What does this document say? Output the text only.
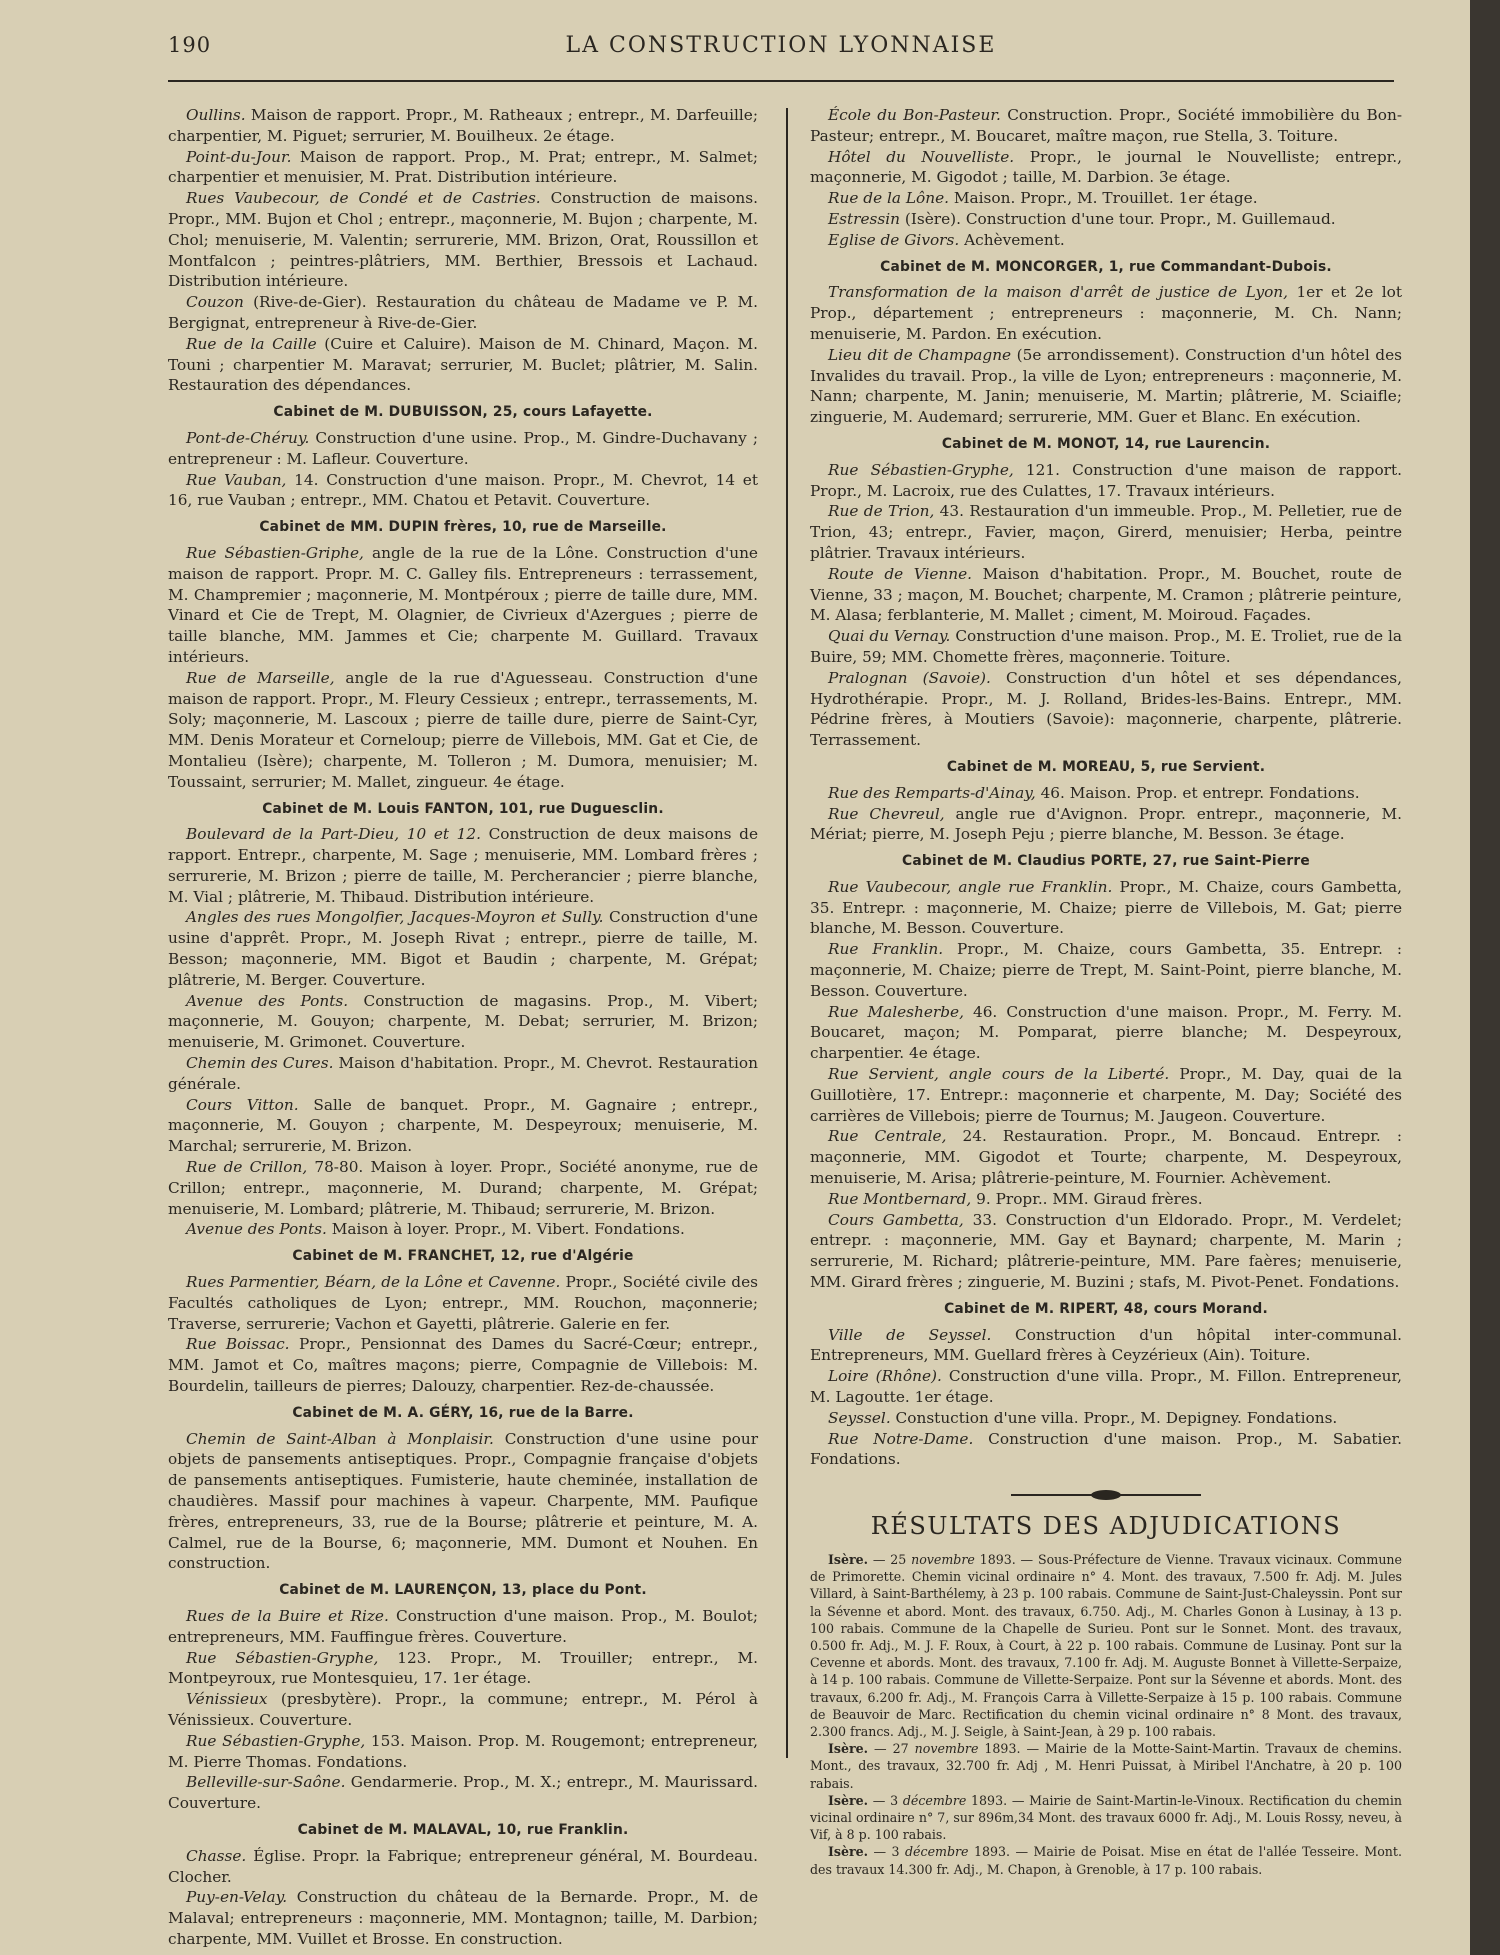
190	LA CONSTRUCTION LYONNAISE

Oullins. Maison de rapport. Propr., M. Ratheaux ; entrepr., M. Darfeuille; charpentier, M. Piguet; serrurier, M. Bouilheux. 2e étage.

Point-du-Jour. Maison de rapport. Prop., M. Prat; entrepr., M. Salmet; charpentier et menuisier, M. Prat. Distribution intérieure.

Rues Vaubecour, de Condé et de Castries. Construction de maisons. Propr., MM. Bujon et Chol ; entrepr., maçonnerie, M. Bujon ; charpente, M. Chol; menuiserie, M. Valentin; serrurerie, MM. Brizon, Orat, Roussillon et Montfalcon ; peintres-plâtriers, MM. Berthier, Bressois et Lachaud. Distribution intérieure.

Couzon (Rive-de-Gier). Restauration du château de Madame ve P. M. Bergignat, entrepreneur à Rive-de-Gier.

Rue de la Caille (Cuire et Caluire). Maison de M. Chinard, Maçon. M. Touni ; charpentier M. Maravat; serrurier, M. Buclet; plâtrier, M. Salin. Restauration des dépendances.

Cabinet de M. DUBUISSON, 25, cours Lafayette.

Pont-de-Chéruy. Construction d'une usine. Prop., M. Gindre-Duchavany ; entrepreneur : M. Lafleur. Couverture.

Rue Vauban, 14. Construction d'une maison. Propr., M. Chevrot, 14 et 16, rue Vauban ; entrepr., MM. Chatou et Petavit. Couverture.

Cabinet de MM. DUPIN frères, 10, rue de Marseille.

Rue Sébastien-Griphe, angle de la rue de la Lône. Construction d'une maison de rapport. Propr. M. C. Galley fils. Entrepreneurs : terrassement, M. Champremier ; maçonnerie, M. Montpéroux ; pierre de taille dure, MM. Vinard et Cie de Trept, M. Olagnier, de Civrieux d'Azergues ; pierre de taille blanche, MM. Jammes et Cie; charpente M. Guillard. Travaux intérieurs.

Rue de Marseille, angle de la rue d'Aguesseau. Construction d'une maison de rapport. Propr., M. Fleury Cessieux ; entrepr., terrassements, M. Soly; maçonnerie, M. Lascoux ; pierre de taille dure, pierre de Saint-Cyr, MM. Denis Morateur et Corneloup; pierre de Villebois, MM. Gat et Cie, de Montalieu (Isère); charpente, M. Tolleron ; M. Dumora, menuisier; M. Toussaint, serrurier; M. Mallet, zingueur. 4e étage.

Cabinet de M. Louis FANTON, 101, rue Duguesclin.

Boulevard de la Part-Dieu, 10 et 12. Construction de deux maisons de rapport. Entrepr., charpente, M. Sage ; menuiserie, MM. Lombard frères ; serrurerie, M. Brizon ; pierre de taille, M. Percherancier ; pierre blanche, M. Vial ; plâtrerie, M. Thibaud. Distribution intérieure.

Angles des rues Mongolfier, Jacques-Moyron et Sully. Construction d'une usine d'apprêt. Propr., M. Joseph Rivat ; entrepr., pierre de taille, M. Besson; maçonnerie, MM. Bigot et Baudin ; charpente, M. Grépat; plâtrerie, M. Berger. Couverture.

Avenue des Ponts. Construction de magasins. Prop., M. Vibert; maçonnerie, M. Gouyon; charpente, M. Debat; serrurier, M. Brizon; menuiserie, M. Grimonet. Couverture.

Chemin des Cures. Maison d'habitation. Propr., M. Chevrot. Restauration générale.

Cours Vitton. Salle de banquet. Propr., M. Gagnaire ; entrepr., maçonnerie, M. Gouyon ; charpente, M. Despeyroux; menuiserie, M. Marchal; serrurerie, M. Brizon.

Rue de Crillon, 78-80. Maison à loyer. Propr., Société anonyme, rue de Crillon; entrepr., maçonnerie, M. Durand; charpente, M. Grépat; menuiserie, M. Lombard; plâtrerie, M. Thibaud; serrurerie, M. Brizon.

Avenue des Ponts. Maison à loyer. Propr., M. Vibert. Fondations.

Cabinet de M. FRANCHET, 12, rue d'Algérie

Rues Parmentier, Béarn, de la Lône et Cavenne. Propr., Société civile des Facultés catholiques de Lyon; entrepr., MM. Rouchon, maçonnerie; Traverse, serrurerie; Vachon et Gayetti, plâtrerie. Galerie en fer.

Rue Boissac. Propr., Pensionnat des Dames du Sacré-Cœur; entrepr., MM. Jamot et Co, maîtres maçons; pierre, Compagnie de Villebois: M. Bourdelin, tailleurs de pierres; Dalouzy, charpentier. Rez-de-chaussée.

Cabinet de M. A. GÉRY, 16, rue de la Barre.

Chemin de Saint-Alban à Monplaisir. Construction d'une usine pour objets de pansements antiseptiques. Propr., Compagnie française d'objets de pansements antiseptiques. Fumisterie, haute cheminée, installation de chaudières. Massif pour machines à vapeur. Charpente, MM. Paufique frères, entrepreneurs, 33, rue de la Bourse; plâtrerie et peinture, M. A. Calmel, rue de la Bourse, 6; maçonnerie, MM. Dumont et Nouhen. En construction.

Cabinet de M. LAURENÇON, 13, place du Pont.

Rues de la Buire et Rize. Construction d'une maison. Prop., M. Boulot; entrepreneurs, MM. Fauffingue frères. Couverture.

Rue Sébastien-Gryphe, 123. Propr., M. Trouiller; entrepr., M. Montpeyroux, rue Montesquieu, 17. 1er étage.

Vénissieux (presbytère). Propr., la commune; entrepr., M. Pérol à Vénissieux. Couverture.

Rue Sébastien-Gryphe, 153. Maison. Prop. M. Rougemont; entrepreneur, M. Pierre Thomas. Fondations.

Belleville-sur-Saône. Gendarmerie. Prop., M. X.; entrepr., M. Maurissard. Couverture.

Cabinet de M. MALAVAL, 10, rue Franklin.

Chasse. Église. Propr. la Fabrique; entrepreneur général, M. Bourdeau. Clocher.

Puy-en-Velay. Construction du château de la Bernarde. Propr., M. de Malaval; entrepreneurs : maçonnerie, MM. Montagnon; taille, M. Darbion; charpente, MM. Vuillet et Brosse. En construction.

École du Bon-Pasteur. Construction. Propr., Société immobilière du Bon-Pasteur; entrepr., M. Boucaret, maître maçon, rue Stella, 3. Toiture.

Hôtel du Nouvelliste. Propr., le journal le Nouvelliste; entrepr., maçonnerie, M. Gigodot ; taille, M. Darbion. 3e étage.

Rue de la Lône. Maison. Propr., M. Trouillet. 1er étage.

Estressin (Isère). Construction d'une tour. Propr., M. Guillemaud.

Eglise de Givors. Achèvement.

Cabinet de M. MONCORGER, 1, rue Commandant-Dubois.

Transformation de la maison d'arrêt de justice de Lyon, 1er et 2e lot Prop., département ; entrepreneurs : maçonnerie, M. Ch. Nann; menuiserie, M. Pardon. En exécution.

Lieu dit de Champagne (5e arrondissement). Construction d'un hôtel des Invalides du travail. Prop., la ville de Lyon; entrepreneurs : maçonnerie, M. Nann; charpente, M. Janin; menuiserie, M. Martin; plâtrerie, M. Sciaifle; zinguerie, M. Audemard; serrurerie, MM. Guer et Blanc. En exécution.

Cabinet de M. MONOT, 14, rue Laurencin.

Rue Sébastien-Gryphe, 121. Construction d'une maison de rapport. Propr., M. Lacroix, rue des Culattes, 17. Travaux intérieurs.

Rue de Trion, 43. Restauration d'un immeuble. Prop., M. Pelletier, rue de Trion, 43; entrepr., Favier, maçon, Girerd, menuisier; Herba, peintre plâtrier. Travaux intérieurs.

Route de Vienne. Maison d'habitation. Propr., M. Bouchet, route de Vienne, 33 ; maçon, M. Bouchet; charpente, M. Cramon ; plâtrerie peinture, M. Alasa; ferblanterie, M. Mallet ; ciment, M. Moiroud. Façades.

Quai du Vernay. Construction d'une maison. Prop., M. E. Troliet, rue de la Buire, 59; MM. Chomette frères, maçonnerie. Toiture.

Pralognan (Savoie). Construction d'un hôtel et ses dépendances, Hydrothérapie. Propr., M. J. Rolland, Brides-les-Bains. Entrepr., MM. Pédrine frères, à Moutiers (Savoie): maçonnerie, charpente, plâtrerie. Terrassement.

Cabinet de M. MOREAU, 5, rue Servient.

Rue des Remparts-d'Ainay, 46. Maison. Prop. et entrepr. Fondations.

Rue Chevreul, angle rue d'Avignon. Propr. entrepr., maçonnerie, M. Mériat; pierre, M. Joseph Peju ; pierre blanche, M. Besson. 3e étage.

Cabinet de M. Claudius PORTE, 27, rue Saint-Pierre

Rue Vaubecour, angle rue Franklin. Propr., M. Chaize, cours Gambetta, 35. Entrepr. : maçonnerie, M. Chaize; pierre de Villebois, M. Gat; pierre blanche, M. Besson. Couverture.

Rue Franklin. Propr., M. Chaize, cours Gambetta, 35. Entrepr. : maçonnerie, M. Chaize; pierre de Trept, M. Saint-Point, pierre blanche, M. Besson. Couverture.

Rue Malesherbe, 46. Construction d'une maison. Propr., M. Ferry. M. Boucaret, maçon; M. Pomparat, pierre blanche; M. Despeyroux, charpentier. 4e étage.

Rue Servient, angle cours de la Liberté. Propr., M. Day, quai de la Guillotière, 17. Entrepr.: maçonnerie et charpente, M. Day; Société des carrières de Villebois; pierre de Tournus; M. Jaugeon. Couverture.

Rue Centrale, 24. Restauration. Propr., M. Boncaud. Entrepr. : maçonnerie, MM. Gigodot et Tourte; charpente, M. Despeyroux, menuiserie, M. Arisa; plâtrerie-peinture, M. Fournier. Achèvement.

Rue Montbernard, 9. Propr.. MM. Giraud frères.

Cours Gambetta, 33. Construction d'un Eldorado. Propr., M. Verdelet; entrepr. : maçonnerie, MM. Gay et Baynard; charpente, M. Marin ; serrurerie, M. Richard; plâtrerie-peinture, MM. Pare faères; menuiserie, MM. Girard frères ; zinguerie, M. Buzini ; stafs, M. Pivot-Penet. Fondations.

Cabinet de M. RIPERT, 48, cours Morand.

Ville de Seyssel. Construction d'un hôpital inter-communal. Entrepreneurs, MM. Guellard frères à Ceyzérieux (Ain). Toiture.

Loire (Rhône). Construction d'une villa. Propr., M. Fillon. Entrepreneur, M. Lagoutte. 1er étage.

Seyssel. Constuction d'une villa. Propr., M. Depigney. Fondations.

Rue Notre-Dame. Construction d'une maison. Prop., M. Sabatier. Fondations.

RÉSULTATS DES ADJUDICATIONS

Isère. — 25 novembre 1893. — Sous-Préfecture de Vienne. Travaux vicinaux. Commune de Primorette. Chemin vicinal ordinaire n° 4. Mont. des travaux, 7.500 fr. Adj. M. Jules Villard, à Saint-Barthélemy, à 23 p. 100 rabais. Commune de Saint-Just-Chaleyssin. Pont sur la Sévenne et abord. Mont. des travaux, 6.750. Adj., M. Charles Gonon à Lusinay, à 13 p. 100 rabais. Commune de la Chapelle de Surieu. Pont sur le Sonnet. Mont. des travaux, 0.500 fr. Adj., M. J. F. Roux, à Court, à 22 p. 100 rabais. Commune de Lusinay. Pont sur la Cevenne et abords. Mont. des travaux, 7.100 fr. Adj. M. Auguste Bonnet à Villette-Serpaize, à 14 p. 100 rabais. Commune de Villette-Serpaize. Pont sur la Sévenne et abords. Mont. des travaux, 6.200 fr. Adj., M. François Carra à Villette-Serpaize à 15 p. 100 rabais. Commune de Beauvoir de Marc. Rectification du chemin vicinal ordinaire n° 8 Mont. des travaux, 2.300 francs. Adj., M. J. Seigle, à Saint-Jean, à 29 p. 100 rabais.

Isère. — 27 novembre 1893. — Mairie de la Motte-Saint-Martin. Travaux de chemins. Mont., des travaux, 32.700 fr. Adj , M. Henri Puissat, à Miribel l'Anchatre, à 20 p. 100 rabais.

Isère. — 3 décembre 1893. — Mairie de Saint-Martin-le-Vinoux. Rectification du chemin vicinal ordinaire n° 7, sur 896m,34 Mont. des travaux 6000 fr. Adj., M. Louis Rossy, neveu, à Vif, à 8 p. 100 rabais.

Isère. — 3 décembre 1893. — Mairie de Poisat. Mise en état de l'allée Tesseire. Mont. des travaux 14.300 fr. Adj., M. Chapon, à Grenoble, à 17 p. 100 rabais.
